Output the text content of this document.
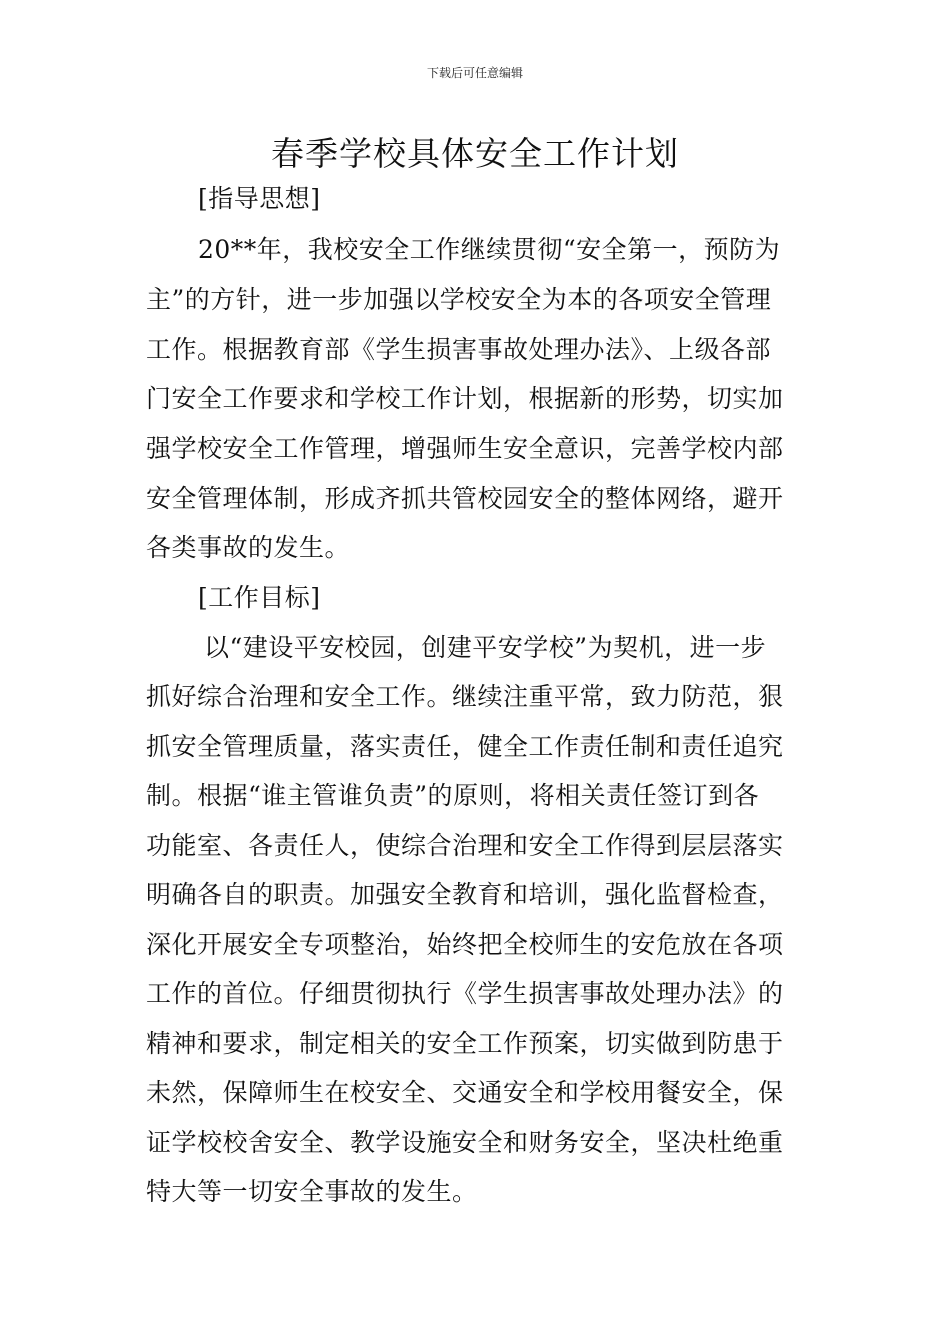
下载后可任意编辑
春季学校具体安全工作计划
[指导思想]
20**年，我校安全工作继续贯彻“安全第一，预防为
主”的方针，进一步加强以学校安全为本的各项安全管理
工作。根据教育部《学生损害事故处理办法》、上级各部
门安全工作要求和学校工作计划，根据新的形势，切实加
强学校安全工作管理，增强师生安全意识，完善学校内部
安全管理体制，形成齐抓共管校园安全的整体网络，避开
各类事故的发生。
[工作目标]
以“建设平安校园，创建平安学校”为契机，进一步
抓好综合治理和安全工作。继续注重平常，致力防范，狠
抓安全管理质量，落实责任，健全工作责任制和责任追究
制。根据“谁主管谁负责”的原则，将相关责任签订到各
功能室、各责任人，使综合治理和安全工作得到层层落实
明确各自的职责。加强安全教育和培训，强化监督检查，
深化开展安全专项整治，始终把全校师生的安危放在各项
工作的首位。仔细贯彻执行《学生损害事故处理办法》的
精神和要求，制定相关的安全工作预案，切实做到防患于
未然，保障师生在校安全、交通安全和学校用餐安全，保
证学校校舍安全、教学设施安全和财务安全，坚决杜绝重
特大等一切安全事故的发生。
